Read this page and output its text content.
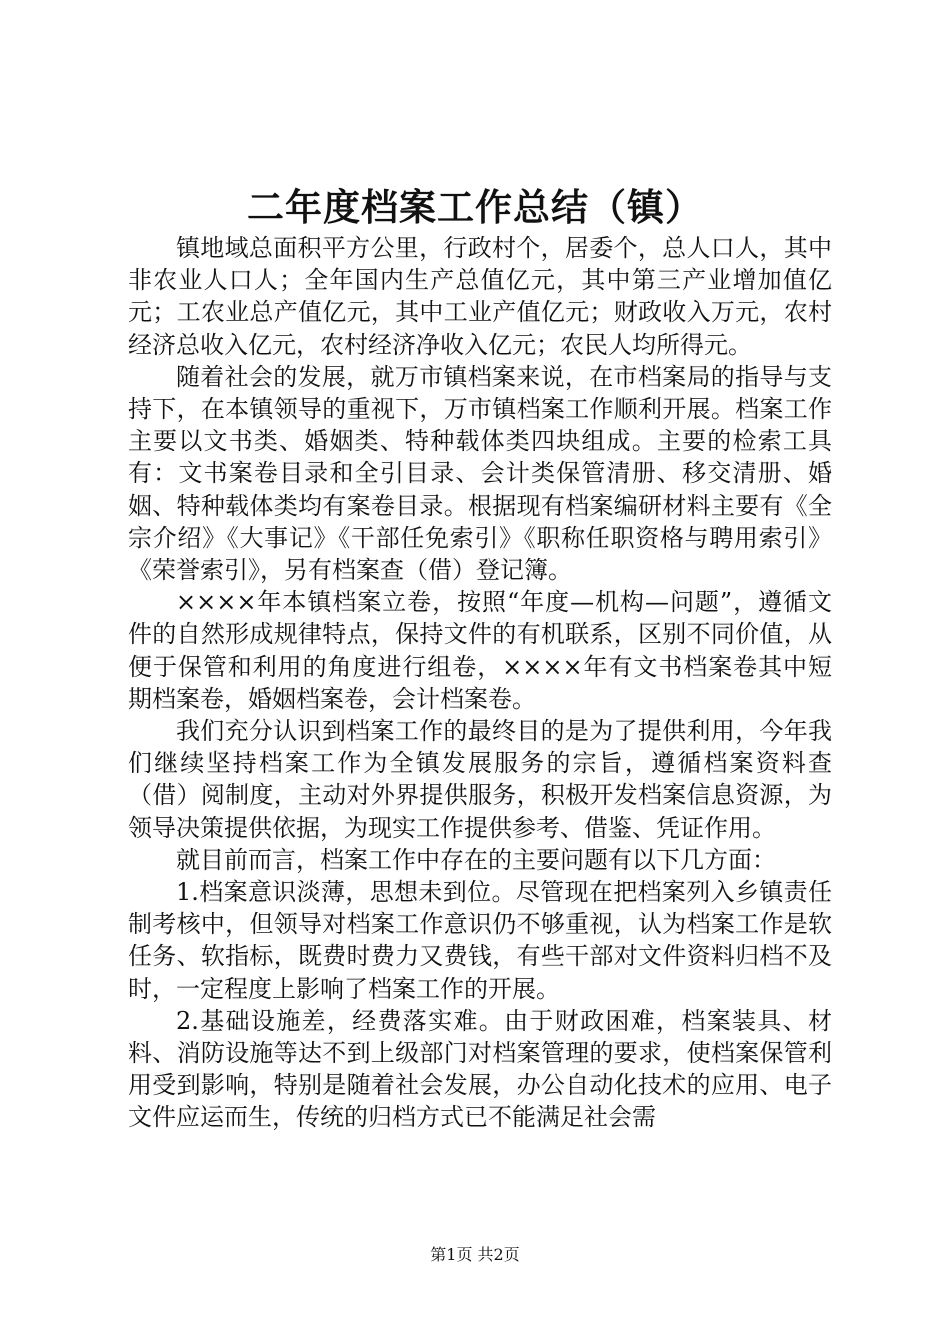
二年度档案工作总结（镇）

镇地域总面积平方公里，行政村个，居委个，总人口人，其中非农业人口人；全年国内生产总值亿元，其中第三产业增加值亿元；工农业总产值亿元，其中工业产值亿元；财政收入万元，农村经济总收入亿元，农村经济净收入亿元；农民人均所得元。

随着社会的发展，就万市镇档案来说，在市档案局的指导与支持下，在本镇领导的重视下，万市镇档案工作顺利开展。档案工作主要以文书类、婚姻类、特种载体类四块组成。主要的检索工具有：文书案卷目录和全引目录、会计类保管清册、移交清册、婚姻、特种载体类均有案卷目录。根据现有档案编研材料主要有《全宗介绍》《大事记》《干部任免索引》《职称任职资格与聘用索引》《荣誉索引》，另有档案查（借）登记簿。

××××年本镇档案立卷，按照“年度—机构—问题”，遵循文件的自然形成规律特点，保持文件的有机联系，区别不同价值，从便于保管和利用的角度进行组卷，××××年有文书档案卷其中短期档案卷，婚姻档案卷，会计档案卷。

我们充分认识到档案工作的最终目的是为了提供利用，今年我们继续坚持档案工作为全镇发展服务的宗旨，遵循档案资料查（借）阅制度，主动对外界提供服务，积极开发档案信息资源，为领导决策提供依据，为现实工作提供参考、借鉴、凭证作用。

就目前而言，档案工作中存在的主要问题有以下几方面：

1.档案意识淡薄，思想未到位。尽管现在把档案列入乡镇责任制考核中，但领导对档案工作意识仍不够重视，认为档案工作是软任务、软指标，既费时费力又费钱，有些干部对文件资料归档不及时，一定程度上影响了档案工作的开展。

2.基础设施差，经费落实难。由于财政困难，档案装具、材料、消防设施等达不到上级部门对档案管理的要求，使档案保管利用受到影响，特别是随着社会发展，办公自动化技术的应用、电子文件应运而生，传统的归档方式已不能满足社会需

第1页 共2页
